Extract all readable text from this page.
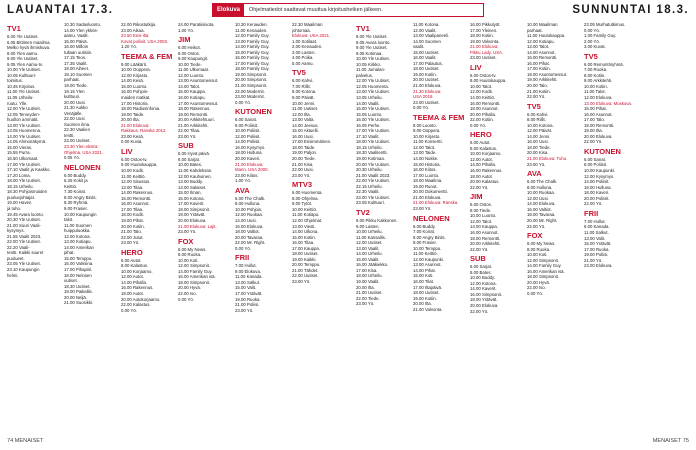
LAUANTAI 17.3.	Elokuva	Ohjelmatiedot saattavat muuttua kirjoitushetken jälkeen.	SUNNUNTAI 18.3.
TV1
6.00 Yle Uutiset.
6.05 Bittimen maailma.
Melko hyvä ihmiskuva.
8.00 Ylen aamu.
9.00 Yle Uutiset.
9.05 Ylen Aamu-tv.
10.00 Yle Uutiset.
10.05 Kulttuuri-
toimitus.
10.45 Kirjoitus.
11.00 Yle Uutiset.
11.05 Urheilu-
ruutu. Ylle.
12.00 Yle Uutiset.
12.05 Terveyden-
huollon ammatit.
13.00 Yle Uutiset.
13.05 Huomenna.
14.00 Yle Uutiset.
14.05 Ahmonäkymä.
15.00 Vieras.
15.55 Purra.
16.50 Ulkomaat.
17.00 Yle Uutiset.
17.10 Vaalit ja Kaakko.
17.20 Loma.
18.00 Yle Uutiset.
18.15 Urheilu.
18.30 Pohjoismaiden
puoluejohtajat.
19.00 Haven
ja tuho.
19.45 Avara luonto.
20.30 Yle Uutiset.
21.00 Suuri Vaali-
kysymys.
21.55 Vaalit 2023.
22.00 Yle Uutiset.
22.20 Vaali-
tentti. Kaikki suuret
puolueet.
23.05 Yle Uutiset.
23.10 Kaupungin
helmi.
10.30 Sadasluonto.
14.00 Ylen ykkös-
aamu. Vaalit.
15.00 Päivä.
16.00 Milloin
tullaan uutisiin.
17.15 Teos.
17.35 Vaalit.
18.00 Aiheet.
18.10 Suomen
parhaat.
19.00 Tiede.
19.15 Ylen
kulttuuri.
20.00 Uusi.
21.30 Aukko
Venäjälle.
22.00 Uusi
Suomen ilma.
22.30 Vaalien
tentti.
23.00 Uutiset.
23.30 Ylen ekstra:
Ohjelma, USA 2021.
0.05 Yö.
NELONEN
6.00 Buddy.
6.25 Kokit ja
Keittiö.
7.30 Koirat.
8.00 Angry Birds.
8.30 Ryhmä.
9.00 Frasier.
10.00 Kaupungin
talot.
11.00 Suomen
huippuluokka.
12.00 Kotona.
13.00 Kotiapu.
14.00 Amerikan
pihat.
15.00 Temppu.
16.00 Valmiina.
17.00 Pihapiiri.
18.00 Nelosen
uutiset.
18.30 Uutiset.
19.00 Paikallis.
20.00 Neljä.
21.00 Suosikki.
22.00 Rikostutkija.
23.00 Aikaa.
23.50 Ensi-ilta:
Kovat poliisit. USA 2003.
1.20 Yö.
TEEMA & FEM
9.00 Lääkärit.
10.00 Ooppera.
12.00 Kirjasto.
14.00 Kesä.
15.00 Luonto.
16.00 Pohjois-
maiden matkat.
17.00 Historia.
18.00 Radiosinfonia.
19.00 Taide.
20.00 Ilta.
21.00 Elokuva:
Rakkaus. Ranska 2012.
23.00 Kesä.
0.00 Kuvia.
LIV
6.00 Ostos-tv.
9.00 Huutokauppa.
10.00 Kodit.
11.00 Keittiö.
12.00 Sisustus.
13.00 Tilaa.
14.00 Rakennus.
15.00 Remontti.
16.00 Asunnot.
17.00 Tilaa.
18.00 Kodit.
19.00 Pihat.
20.00 Kotiin.
21.00 Talo.
22.00 Jutut.
23.00 Yö.
HERO
6.00 Autot.
8.00 Kalastus.
10.00 Korjaamo.
12.00 Autot.
14.00 Pihalla.
16.00 Rakennus.
18.00 Autot.
20.00 Autokorjaamo.
22.00 Kalastus.
0.00 Yö.
24.00 Paratiisisota.
1.00 Yö.
JIM
6.00 Heikot.
8.00 Ostos.
9.00 Kaupungit.
10.00 Tiede.
11.00 Ulkomaat.
12.00 Luonto.
13.00 Asuntomessut.
14.00 Talot.
15.00 Kauppa.
16.00 Kotiapu.
17.00 Asuntomessut.
18.00 Rakennus.
19.00 Remontti.
20.00 Arkkitehtuuri.
21.00 Arkkitehti.
22.00 Tilaa.
23.00 Yö.
SUB
6.00 Hyvä päivä.
8.00 Sarjat.
10.00 Bates.
11.00 Kahdeksan.
12.00 Kauhuinen.
13.00 Buddy.
14.00 Salaiset.
15.00 Ilman.
16.00 Kotona.
17.00 Kaverit.
18.00 Simpsonit.
19.00 Ystävät.
20.00 Elokuva.
21.00 Elokuva: Lajit.
23.00 Yö.
FOX
6.00 My News.
8.00 Ruoka.
10.00 Koti.
12.00 Simpsonit.
14.00 Family Guy.
16.00 Amerikan isä.
18.00 Simpsonit.
20.00 Hyvä.
22.00 Iso.
0.00 Yö.
10.30 Kenauden.
11.00 Kenauden.
12.00 Family Guy.
13.00 Family Guy.
14.00 Family Guy.
15.00 Family Guy.
16.00 Family Guy.
17.00 Family Guy.
18.00 Family Guy.
19.00 Simpsonit.
20.00 Simpsonit.
21.00 Simpsonit.
22.00 Modernit.
23.00 Modernit.
0.00 Yö.
KUTONEN
6.00 Sanat.
8.00 Poliisit.
10.00 Poliisit.
12.00 Poliisit.
14.00 Poliisit.
16.00 Kysymys.
18.00 Hulluna.
20.00 Kaveri.
21.00 Elokuva:
Mann. USA 2000.
23.00 Kiitos.
1.00 Yö.
AVA
6.00 The Chalk.
8.00 Hulluna.
10.00 Pohjois.
12.00 Ruokaa.
14.00 Uusi.
16.00 Elokuva.
18.00 Valtiot.
20.00 Tavaraa.
22.00 Mr. Right.
0.00 Yö.
FRII
7.00 Hullut.
9.00 Elokuva.
11.00 Kanada.
13.00 Salkut.
15.00 Valit.
17.00 Ystävät.
19.00 Ruoka.
21.00 Poliisi.
23.00 Yö.
22.30 Maailman
johtomaa.
Elokuva: USA 2021.
1.00 Sotilaat.
2.00 Kenauden.
3.00 Lasten.
4.00 Poika.
5.00 Aamu.
TV5
6.00 Kahvi.
7.00 Rillit.
8.00 Kotona.
9.00 Päivät.
10.00 Jenni.
11.00 Uutiset.
12.00 Ilta.
13.00 Valta.
14.00 Jeesus.
15.00 Aktuelli.
16.00 Uusi.
17.00 Ensimmäinen.
18.00 Taide.
19.00 Paljon.
20.00 Tiede.
21.00 Kisa.
22.00 Uusi.
23.00 Yö.
MTV3
6.00 Huomenta.
8.00 Ohjelma.
9.00 Tytöt.
10.00 Keittiö.
11.00 Kotiapu.
12.00 Ohjelmat.
13.00 Viesti.
14.00 Ulkona.
15.00 Kotiin.
16.00 Tilaa.
17.00 Kauppa.
18.00 Uutiset.
19.00 Kaikki.
20.00 Temppu.
21.00 Tähdet.
22.00 Uutiset.
23.00 Yö.
TV1
8.00 Yle Uutiset.
8.05 Avara luonto.
9.00 Yle Uutiset.
9.05 Kotimaa.
10.00 Yle Uutiset.
10.05 Kirkko.
11.00 Jumalan-
palvelus.
12.00 Yle Uutiset.
12.05 Huomenta.
13.00 Yle Uutiset.
13.05 Urheilu.
14.00 Vaalit.
15.00 Yle Uutiset.
15.05 Luonto.
16.00 Yle Uutiset.
16.05 Perhe.
17.00 Yle Uutiset.
17.10 Vaalit.
18.00 Yle Uutiset.
18.15 Urheilu.
18.30 Vaalitentti.
19.00 Kotimaa.
20.00 Yle Uutiset.
20.30 Urheilu.
21.00 Vaalit 2023.
22.00 Yle Uutiset.
22.15 Urheilu.
22.30 Vaalit.
23.00 Yle Uutiset.
23.05 Kulttuuri.
TV2
6.00 Pikku Kakkonen.
9.00 Lasten.
10.00 Urheilu.
11.00 Kansallis.
12.00 Uutiset.
13.00 Vaalit.
14.00 Urheilu.
15.00 Vaalit.
16.00 Jääkiekko.
17.00 Kisa.
18.00 Urheilu.
19.00 Vaalit.
20.00 Ilta.
21.00 Uutiset.
22.00 Tiede.
23.00 Yö.
11.00 Kotona.
12.00 Vaalit.
13.00 Vaalipaneeli.
14.00 Suomen
vaalit.
15.00 Uutiset.
16.00 Vaalit.
17.00 Palautus.
18.00 Uutiset.
19.00 Kotiin.
20.00 Uutiset.
21.00 Elokuva.
21.30 Elokuva:
USA 2019.
23.00 Uutiset.
0.00 Yö.
TEEMA & FEM
8.00 Luonto.
9.00 Ooppera.
10.00 Kirjasto.
11.00 Konsertti.
12.00 Talot.
13.00 Taide.
14.00 Nukke.
15.00 Historia.
16.00 Kiitos.
17.00 Luonto.
18.00 Maailma.
19.00 Runot.
20.00 Dokumentti.
21.00 Elokuva.
21.00 Elokuva: Ranska.
23.00 Yö.
NELONEN
6.00 Buddy.
7.00 Koirat.
8.00 Angry Birds.
9.00 Frasier.
10.00 Temppu.
11.00 Keittiö.
12.00 Kaupunki.
13.00 Asunnot.
14.00 Pihat.
15.00 Koti.
16.00 Tilat.
17.00 Iltapäivä.
18.00 Uutiset.
19.00 Kotiin.
20.00 Ilta.
21.00 Valvonta.
16.00 Pikkutyöt.
17.00 Yleinen.
18.00 Kotiin.
19.00 Valvonta.
21.00 Elokuva:
Pikku Lady. USA.
23.00 Uutiset.
LIV
6.00 Ostos-tv.
8.00 Huutokauppa.
10.00 Talot.
12.00 Kodit.
14.00 Keittiö.
16.00 Remontti.
18.00 Asunnot.
20.00 Pihalla.
22.00 Kotiin.
0.00 Yö.
HERO
6.00 Autot.
8.00 Kalastus.
10.00 Korjaamo.
12.00 Autot.
14.00 Pihalla.
16.00 Rakennus.
18.00 Autot.
20.00 Kalastus.
22.00 Yö.
JIM
6.00 Ostos.
8.00 Tiede.
10.00 Luonto.
12.00 Talot.
14.00 Kauppa.
16.00 Asunnot.
18.00 Remontti.
20.00 Arkkitehti.
22.00 Yö.
SUB
6.00 Sarjat.
8.00 Bates.
10.00 Buddy.
12.00 Kotona.
14.00 Kaverit.
16.00 Simpsonit.
18.00 Ystävät.
20.00 Elokuva.
22.00 Yö.
10.00 Maailman
parhaat.
11.00 Huutokauppa.
12.00 Kotiapu.
13.00 Talot.
14.00 Asunnot.
15.00 Remontti.
16.00 Pihat.
17.00 Kotiin.
18.00 Asuntomessut.
19.00 Arkkitehti.
20.00 Talo.
21.00 Kotiin.
22.00 Yö.
TV5
6.00 Kahvi.
8.00 Rillit.
10.00 Kotona.
12.00 Päivät.
14.00 Jenni.
16.00 Uusi.
18.00 Tiede.
20.00 Kisa.
21.00 Elokuva: Tuho.
23.00 Yö.
AVA
6.00 The Chalk.
8.00 Hulluna.
10.00 Ruokaa.
12.00 Uusi.
14.00 Elokuva.
16.00 Valtiot.
18.00 Tavaraa.
20.00 Mr. Right.
22.00 Yö.
FOX
6.00 My News.
8.00 Ruoka.
10.00 Koti.
12.00 Simpsonit.
14.00 Family Guy.
16.00 Amerikan isä.
18.00 Simpsonit.
20.00 Hyvä.
22.00 Iso.
0.00 Yö.
23.05 Murhatutkimus.
0.00 Yö.
1.00 Family Guy.
2.00 Yö.
3.00 Kuvat.
TV5
6.00 Remonttiryhmä.
7.00 Ruoka.
8.00 Kotiin.
9.00 Arkkitehti.
10.00 Kotiin.
11.00 Talot.
12.00 Elokuva.
13.00 Elokuva: Moskova.
15.00 Pihat.
16.00 Asunnot.
17.00 Talo.
18.00 Remontti.
19.00 Ilta.
20.00 Elokuva.
22.00 Yö.
KUTONEN
6.00 Sanat.
8.00 Poliisit.
10.00 Kaupunki.
12.00 Kysymys.
14.00 Poliisit.
16.00 Hulluna.
18.00 Kaveri.
20.00 Poliisit.
22.00 Yö.
FRII
7.00 Hullut.
9.00 Kanada.
11.00 Salkut.
13.00 Valit.
15.00 Ystävät.
17.00 Ruoka.
19.00 Poliisi.
21.00 Yö.
23.00 Elokuva.
74 MENAISET	MENAISET 75
